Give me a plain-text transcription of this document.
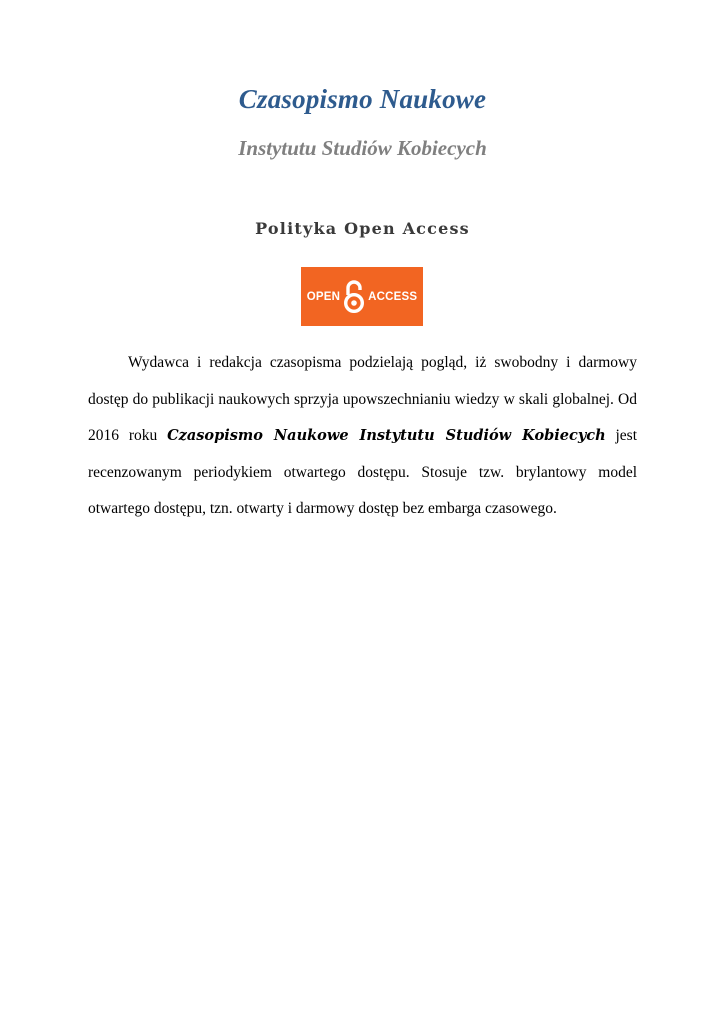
Czasopismo Naukowe
Instytutu Studiów Kobiecych
Polityka Open Access
OPEN ACCESS
Wydawca i redakcja czasopisma podzielają pogląd, iż swobodny i darmowy dostęp do publikacji naukowych sprzyja upowszechnianiu wiedzy w skali globalnej. Od 2016 roku Czasopismo Naukowe Instytutu Studiów Kobiecych jest recenzowanym periodykiem otwartego dostępu. Stosuje tzw. brylantowy model otwartego dostępu, tzn. otwarty i darmowy dostęp bez embarga czasowego.
